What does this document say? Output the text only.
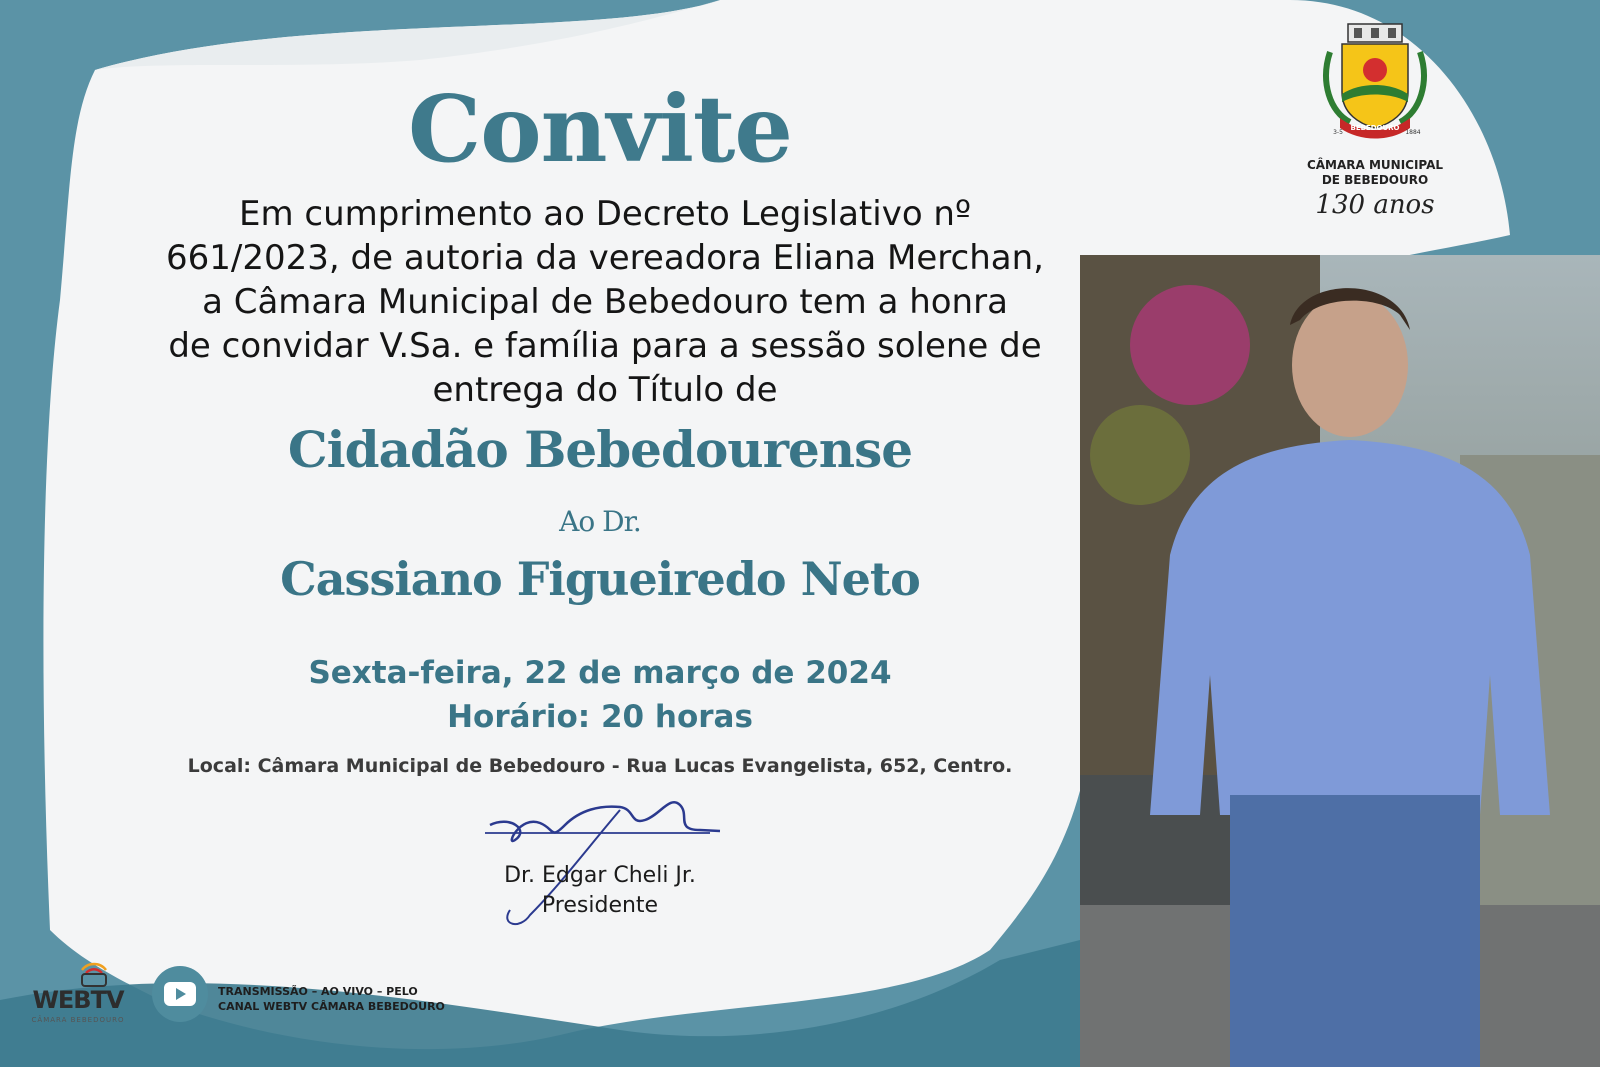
Convite
Em cumprimento ao Decreto Legislativo nº
661/2023, de autoria da vereadora Eliana Merchan,
a Câmara Municipal de Bebedouro tem a honra
de convidar V.Sa. e família para a sessão solene de
entrega do Título de
Cidadão Bebedourense
Ao Dr.
Cassiano Figueiredo Neto
Sexta-feira, 22 de março de 2024
Horário: 20 horas
Local: Câmara Municipal de Bebedouro - Rua Lucas Evangelista, 652, Centro.
Dr. Edgar Cheli Jr.
Presidente
BEBEDOURO
3-5	1884
CÂMARA MUNICIPAL
DE BEBEDOURO
130 anos
WEBTV
CÂMARA BEBEDOURO
TRANSMISSÃO – AO VIVO – PELO
CANAL WEBTV CÂMARA BEBEDOURO
